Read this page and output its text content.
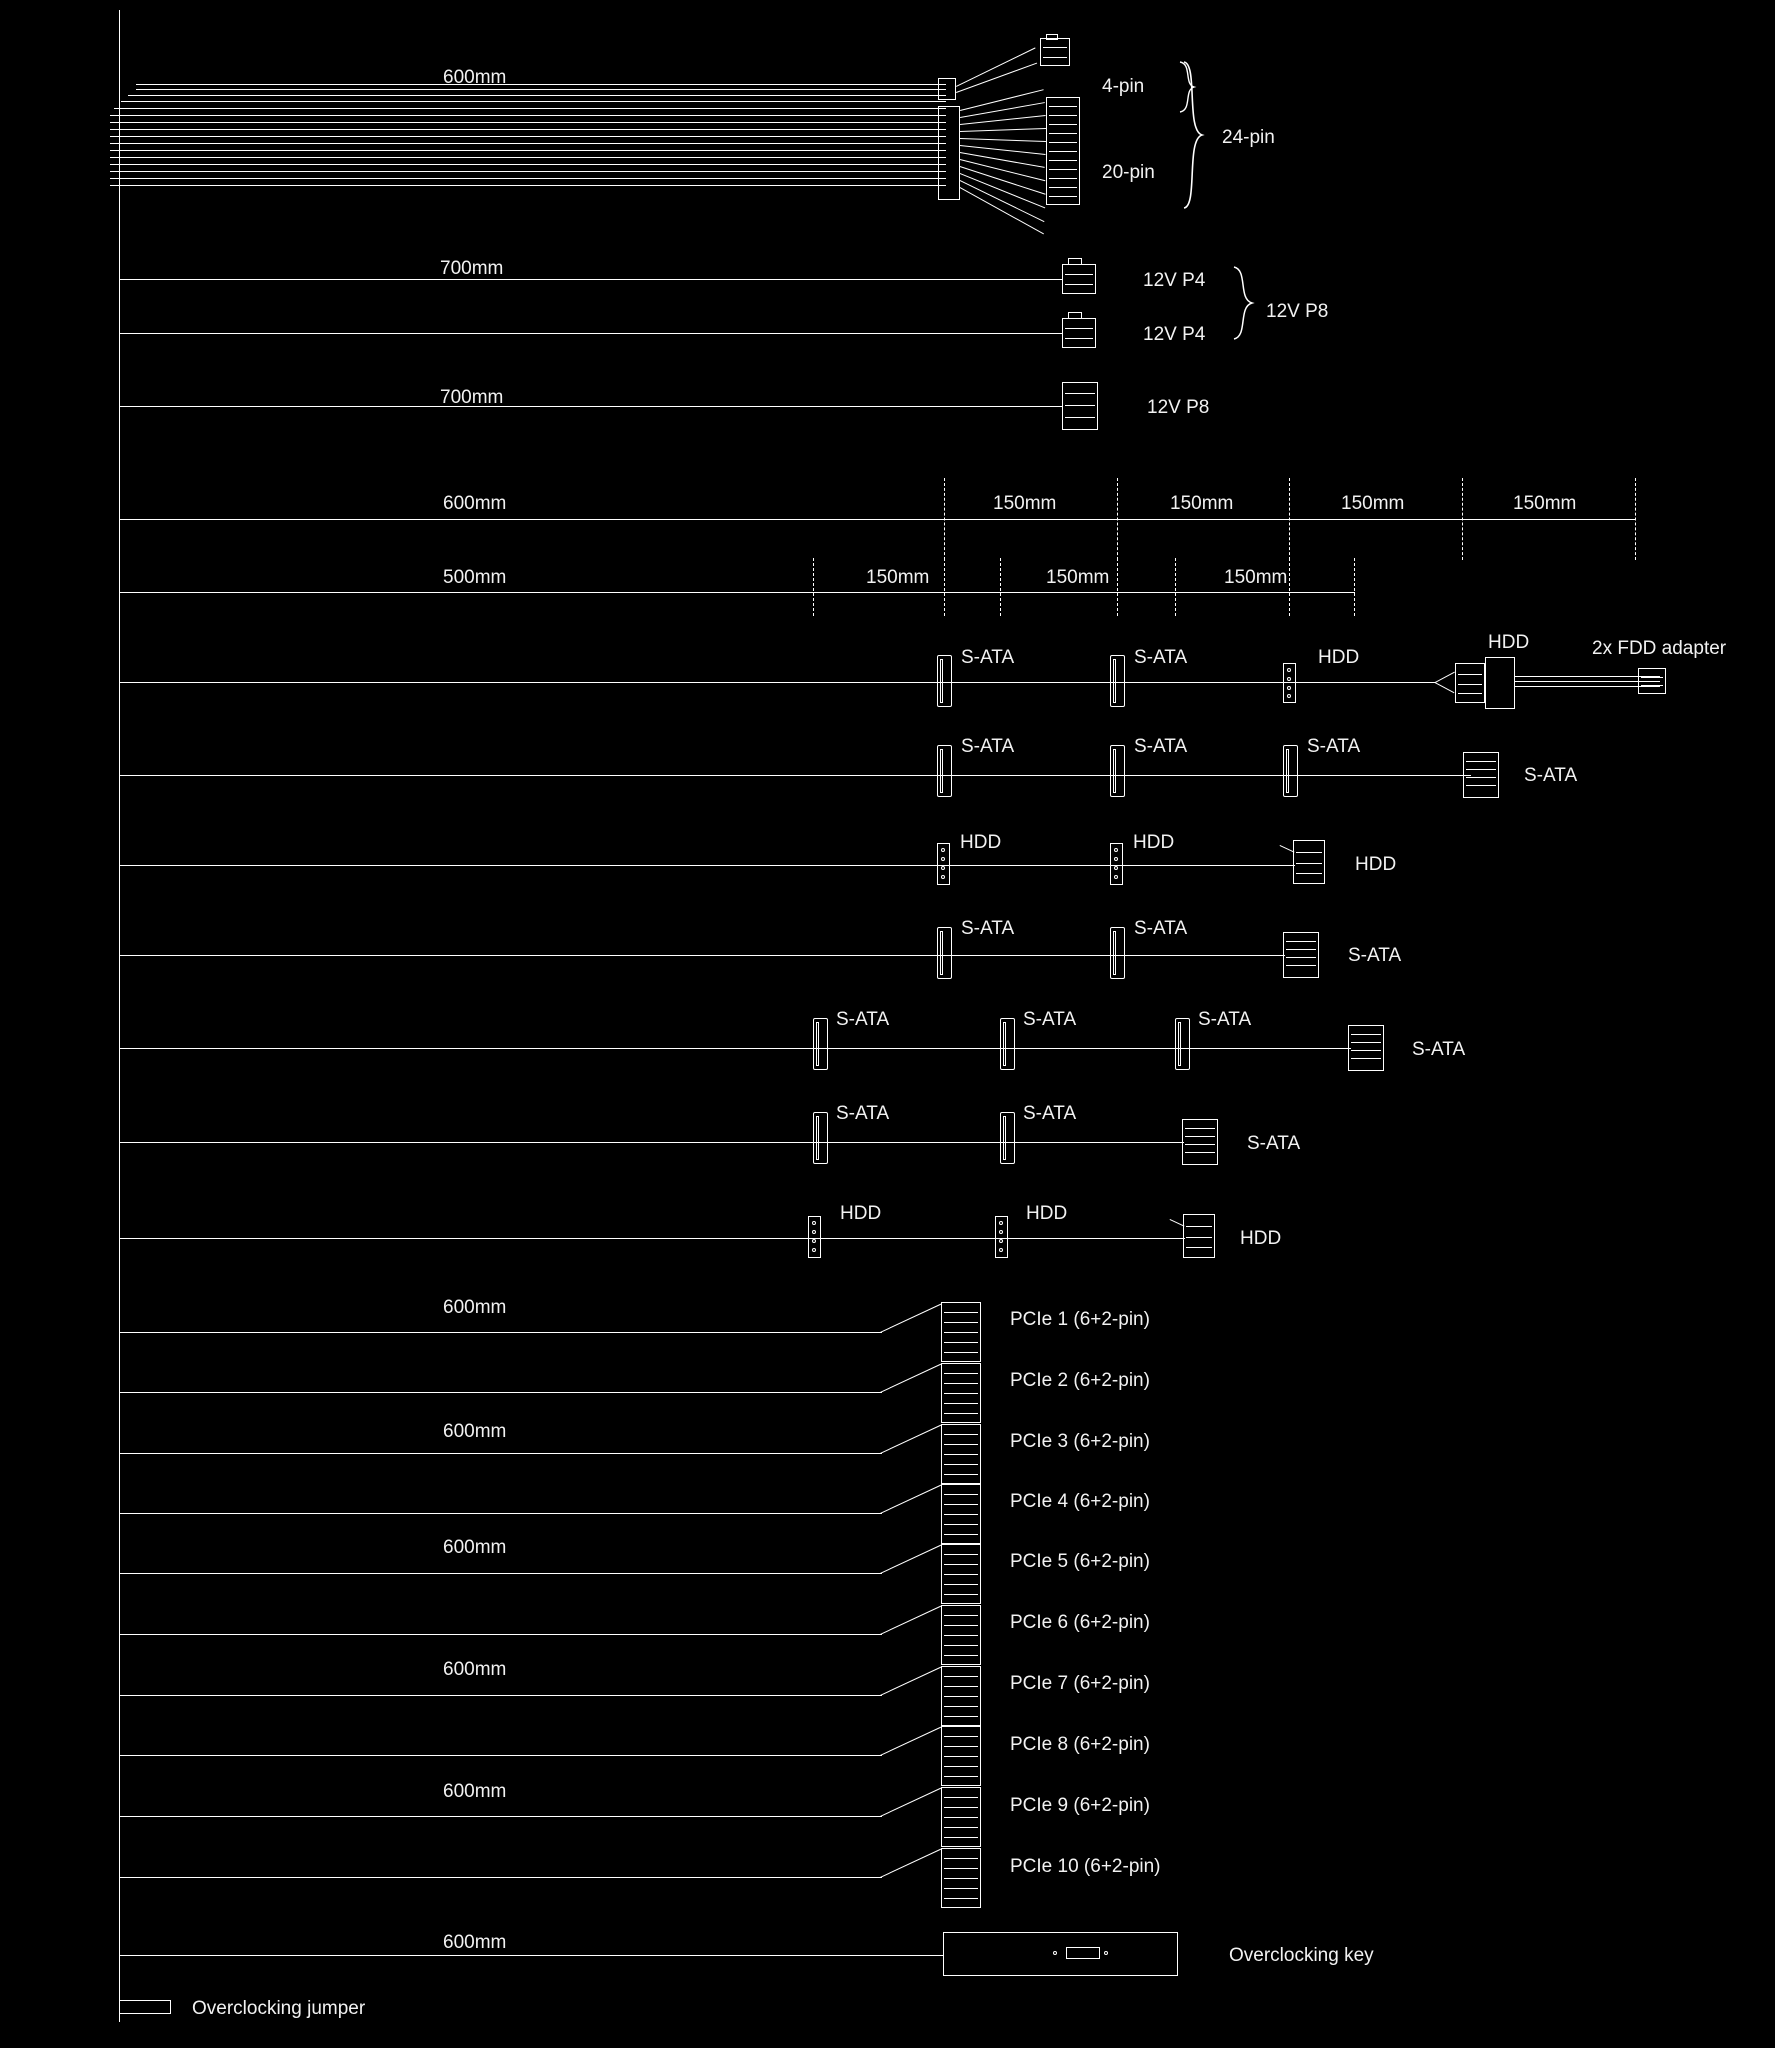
600mm	4-pin
20-pin
24-pin
700mm
12V P4
12V P4
12V P8
700mm	12V P8
600mm	150mm	150mm	150mm	150mm
500mm	150mm	150mm	150mm
S-ATA	S-ATA	HDD
HDD	2x FDD adapter
S-ATA	S-ATA	S-ATA
S-ATA
HDD	HDD
HDD
S-ATA	S-ATA
S-ATA
S-ATA	S-ATA	S-ATA
S-ATA
S-ATA	S-ATA
S-ATA
HDD	HDD
HDD
PCIe 1 (6+2-pin)
600mm
PCIe 2 (6+2-pin)
PCIe 3 (6+2-pin)
600mm
PCIe 4 (6+2-pin)
PCIe 5 (6+2-pin)
600mm
PCIe 6 (6+2-pin)
PCIe 7 (6+2-pin)
600mm
PCIe 8 (6+2-pin)
PCIe 9 (6+2-pin)
600mm
PCIe 10 (6+2-pin)
Overclocking key
600mm
Overclocking jumper
